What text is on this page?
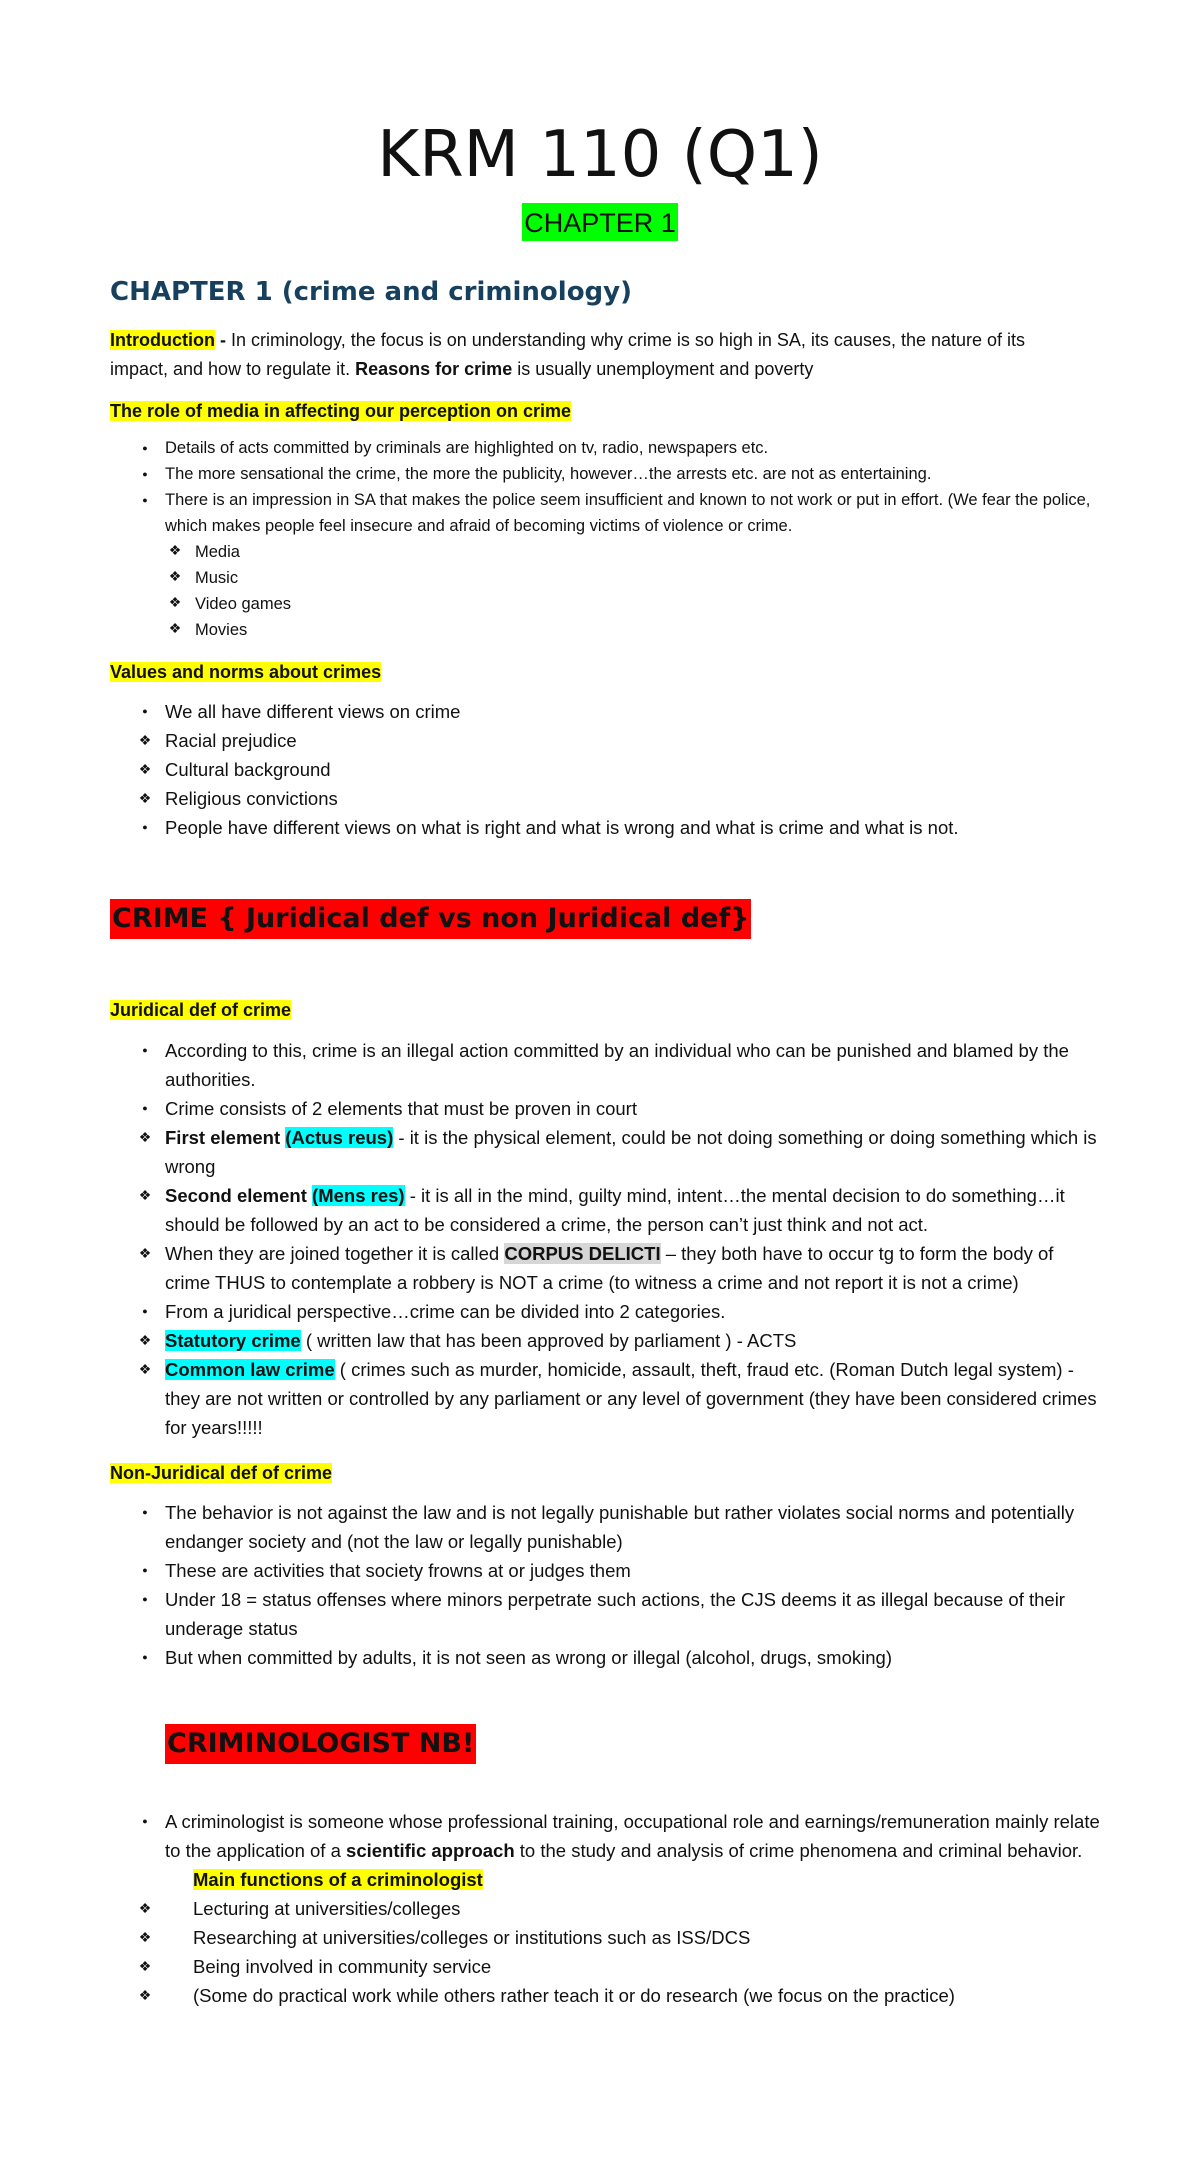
KRM 110 (Q1)
CHAPTER 1
CHAPTER 1 (crime and criminology)
Introduction - In criminology, the focus is on understanding why crime is so high in SA, its causes, the nature of its impact, and how to regulate it. Reasons for crime is usually unemployment and poverty
The role of media in affecting our perception on crime
●
Details of acts committed by criminals are highlighted on tv, radio, newspapers etc.
●
The more sensational the crime, the more the publicity, however…the arrests etc. are not as entertaining.
●
There is an impression in SA that makes the police seem insufficient and known to not work or put in effort. (We fear the police, which makes people feel insecure and afraid of becoming victims of violence or crime.
❖
Media
❖
Music
❖
Video games
❖
Movies
Values and norms about crimes
●
We all have different views on crime
❖
Racial prejudice
❖
Cultural background
❖
Religious convictions
●
People have different views on what is right and what is wrong and what is crime and what is not.
CRIME { Juridical def vs non Juridical def}
Juridical def of crime
●
According to this, crime is an illegal action committed by an individual who can be punished and blamed by the authorities.
●
Crime consists of 2 elements that must be proven in court
❖
First element (Actus reus) - it is the physical element, could be not doing something or doing something which is wrong
❖
Second element (Mens res) - it is all in the mind, guilty mind, intent…the mental decision to do something…it should be followed by an act to be considered a crime, the person can’t just think and not act.
❖
When they are joined together it is called CORPUS DELICTI – they both have to occur tg to form the body of crime THUS to contemplate a robbery is NOT a crime (to witness a crime and not report it is not a crime)
●
From a juridical perspective…crime can be divided into 2 categories.
❖
Statutory crime ( written law that has been approved by parliament ) - ACTS
❖
Common law crime ( crimes such as murder, homicide, assault, theft, fraud etc. (Roman Dutch legal system) - they are not written or controlled by any parliament or any level of government (they have been considered crimes for years!!!!!
Non-Juridical def of crime
●
The behavior is not against the law and is not legally punishable but rather violates social norms and potentially endanger society and (not the law or legally punishable)
●
These are activities that society frowns at or judges them
●
Under 18 = status offenses where minors perpetrate such actions, the CJS deems it as illegal because of their underage status
●
But when committed by adults, it is not seen as wrong or illegal (alcohol, drugs, smoking)
CRIMINOLOGIST NB!
●
A criminologist is someone whose professional training, occupational role and earnings/remuneration mainly relate to the application of a scientific approach to the study and analysis of crime phenomena and criminal behavior.
Main functions of a criminologist
❖
Lecturing at universities/colleges
❖
Researching at universities/colleges or institutions such as ISS/DCS
❖
Being involved in community service
❖
(Some do practical work while others rather teach it or do research (we focus on the practice)
